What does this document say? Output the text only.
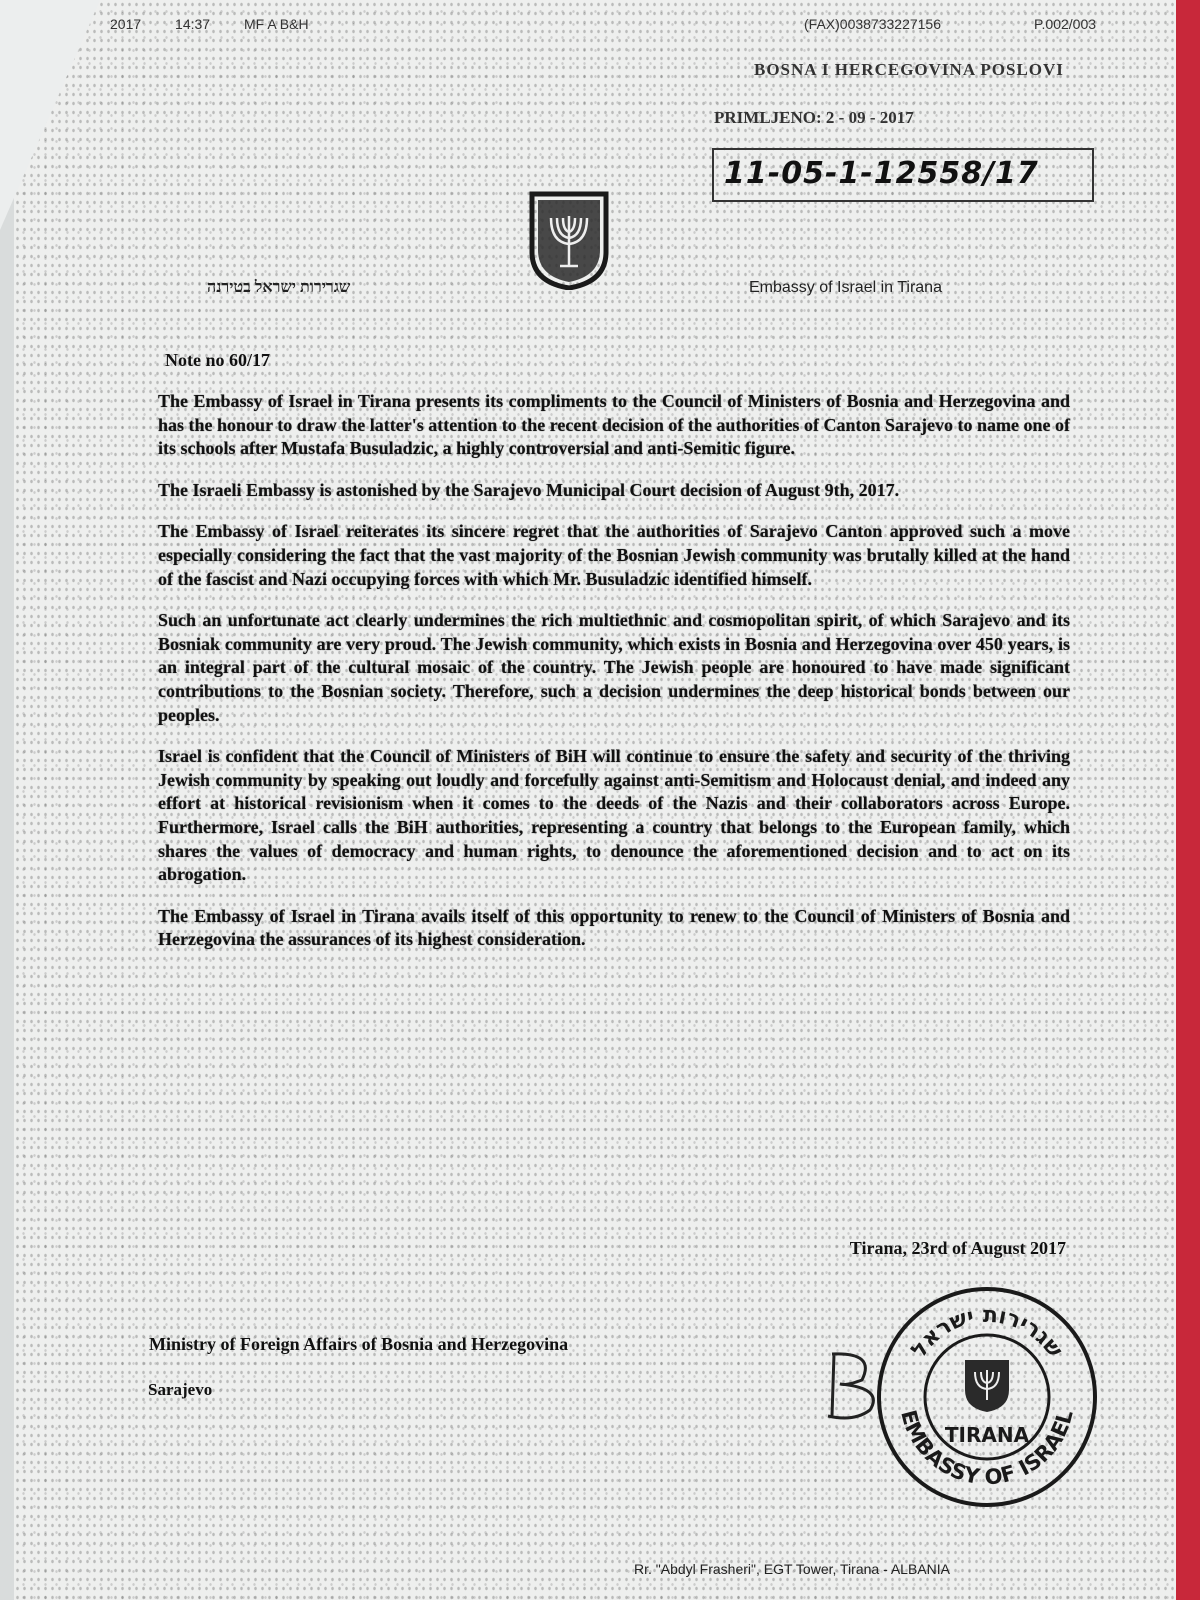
2017 14:37 MF A B&H	(FAX)0038733227156	P.002/003
BOSNA I HERCEGOVINA POSLOVI
PRIMLJENO: 2 - 09 - 2017
11-05-1-12558/17
שגרירות ישראל בטירנה	Embassy of Israel in Tirana
Note no 60/17

The Embassy of Israel in Tirana presents its compliments to the Council of Ministers of Bosnia and Herzegovina and has the honour to draw the latter's attention to the recent decision of the authorities of Canton Sarajevo to name one of its schools after Mustafa Busuladzic, a highly controversial and anti-Semitic figure.

The Israeli Embassy is astonished by the Sarajevo Municipal Court decision of August 9th, 2017.

The Embassy of Israel reiterates its sincere regret that the authorities of Sarajevo Canton approved such a move especially considering the fact that the vast majority of the Bosnian Jewish community was brutally killed at the hand of the fascist and Nazi occupying forces with which Mr. Busuladzic identified himself.

Such an unfortunate act clearly undermines the rich multiethnic and cosmopolitan spirit, of which Sarajevo and its Bosniak community are very proud. The Jewish community, which exists in Bosnia and Herzegovina over 450 years, is an integral part of the cultural mosaic of the country. The Jewish people are honoured to have made significant contributions to the Bosnian society. Therefore, such a decision undermines the deep historical bonds between our peoples.

Israel is confident that the Council of Ministers of BiH will continue to ensure the safety and security of the thriving Jewish community by speaking out loudly and forcefully against anti-Semitism and Holocaust denial, and indeed any effort at historical revisionism when it comes to the deeds of the Nazis and their collaborators across Europe. Furthermore, Israel calls the BiH authorities, representing a country that belongs to the European family, which shares the values of democracy and human rights, to denounce the aforementioned decision and to act on its abrogation.

The Embassy of Israel in Tirana avails itself of this opportunity to renew to the Council of Ministers of Bosnia and Herzegovina the assurances of its highest consideration.

Tirana, 23rd of August 2017
Ministry of Foreign Affairs of Bosnia and Herzegovina
Sarajevo
שגרירות ישראל
EMBASSY OF ISRAEL
TIRANA
Rr. "Abdyl Frasheri", EGT Tower, Tirana - ALBANIA
